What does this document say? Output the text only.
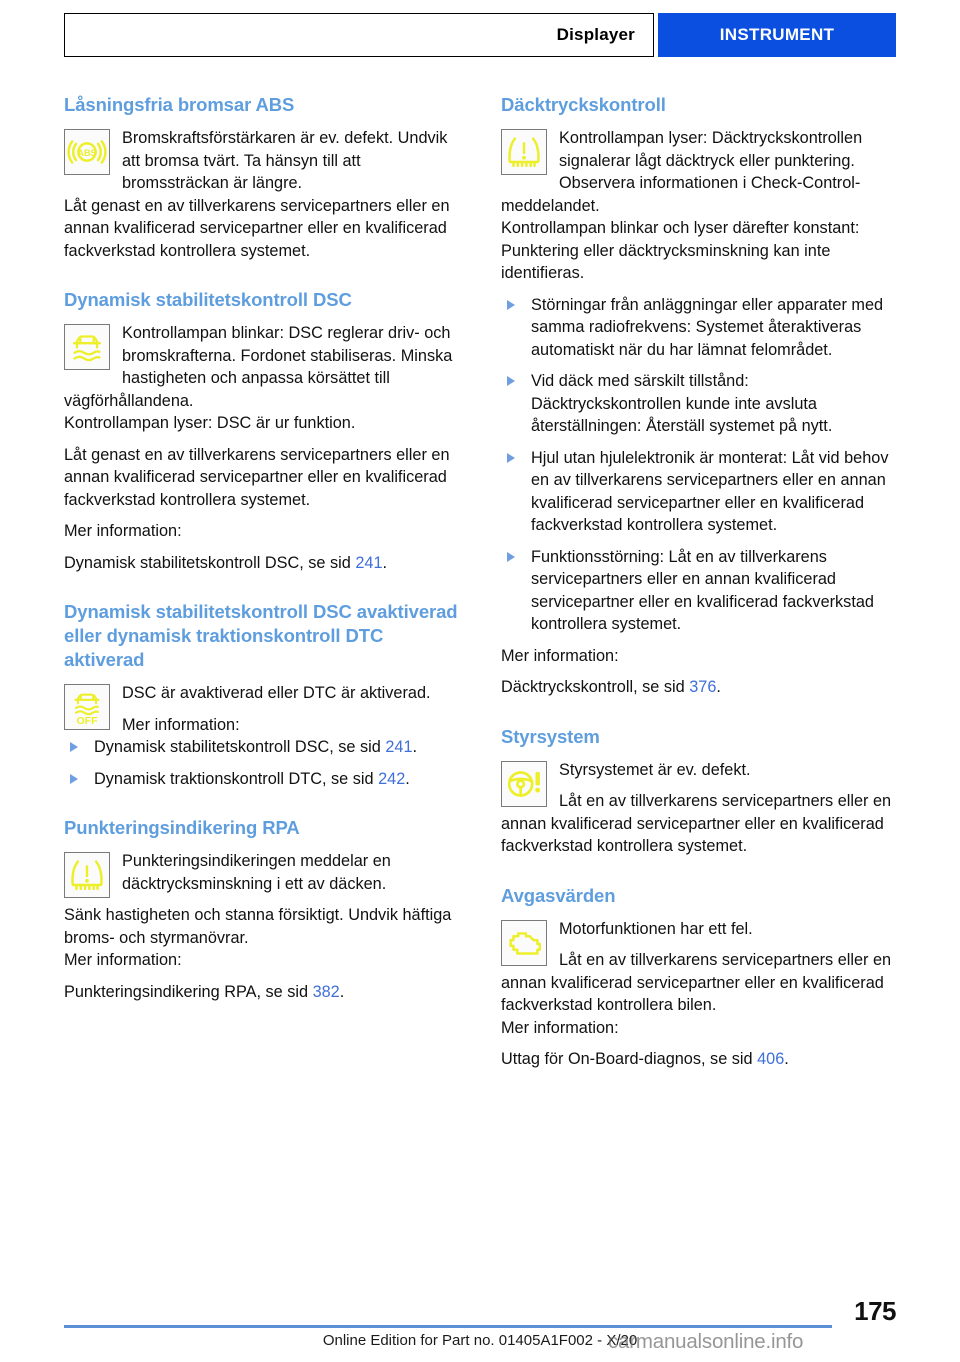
Displayer	INSTRUMENT
Låsningsfria bromsar ABS
ABS

Bromskraftsförstärkaren är ev. defekt. Undvik att bromsa tvärt. Ta hänsyn till att bromssträckan är längre.

Låt genast en av tillverkarens servicepartners eller en annan kvalificerad servicepartner eller en kvalificerad fackverkstad kontrollera systemet.

Dynamisk stabilitetskontroll DSC

Kontrollampan blinkar: DSC reglerar driv- och bromskrafterna. Fordonet stabiliseras. Minska hastigheten och anpassa körsättet till vägförhållandena.

Kontrollampan lyser: DSC är ur funktion.

Låt genast en av tillverkarens servicepartners eller en annan kvalificerad servicepartner eller en kvalificerad fackverkstad kontrollera systemet.

Mer information:

Dynamisk stabilitetskontroll DSC, se sid 241.

Dynamisk stabilitetskontroll DSC avaktiverad eller dynamisk traktionskontroll DTC aktiverad
OFF

DSC är avaktiverad eller DTC är aktiverad.

Mer information:

Dynamisk stabilitetskontroll DSC, se sid 241.
Dynamisk traktionskontroll DTC, se sid 242.
Punkteringsindikering RPA

Punkteringsindikeringen meddelar en däcktrycksminskning i ett av däcken.

Sänk hastigheten och stanna försiktigt. Undvik häftiga broms- och styrmanövrar.

Mer information:

Punkteringsindikering RPA, se sid 382.

Däcktryckskontroll

Kontrollampan lyser: Däcktryckskontrollen signalerar lågt däcktryck eller punktering. Observera informationen i Check-Control-meddelandet.

Kontrollampan blinkar och lyser därefter konstant: Punktering eller däcktrycksminskning kan inte identifieras.

Störningar från anläggningar eller apparater med samma radiofrekvens: Systemet återaktiveras automatiskt när du har lämnat felområdet.
Vid däck med särskilt tillstånd: Däcktryckskontrollen kunde inte avsluta återställningen: Återställ systemet på nytt.
Hjul utan hjulelektronik är monterat: Låt vid behov en av tillverkarens servicepartners eller en annan kvalificerad servicepartner eller en kvalificerad fackverkstad kontrollera systemet.
Funktionsstörning: Låt en av tillverkarens servicepartners eller en annan kvalificerad servicepartner eller en kvalificerad fackverkstad kontrollera systemet.

Mer information:

Däcktryckskontroll, se sid 376.

Styrsystem

Styrsystemet är ev. defekt.

Låt en av tillverkarens servicepartners eller en annan kvalificerad servicepartner eller en kvalificerad fackverkstad kontrollera systemet.

Avgasvärden

Motorfunktionen har ett fel.

Låt en av tillverkarens servicepartners eller en annan kvalificerad servicepartner eller en kvalificerad fackverkstad kontrollera bilen.

Mer information:

Uttag för On-Board-diagnos, se sid 406.

175
Online Edition for Part no. 01405A1F002 - X/20
carmanualsonline.info
